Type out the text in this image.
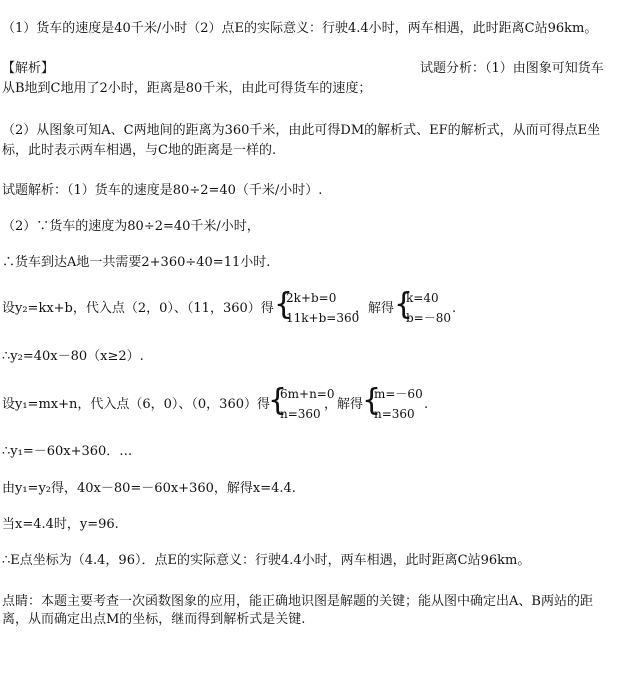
（1）货车的速度是40千米/小时（2）点E的实际意义：行驶4.4小时，两车相遇，此时距离C站96km。
【解析】	试题分析：（1）由图象可知货车
从B地到C地用了2小时，距离是80千米，由此可得货车的速度；
（2）从图象可知A、C两地间的距离为360千米，由此可得DM的解析式、EF的解析式，从而可得点E坐
标，此时表示两车相遇，与C地的距离是一样的.
试题解析：（1）货车的速度是80÷2=40（千米/小时）.
（2）∵货车的速度为80÷2=40千米/小时，
∴货车到达A地一共需要2+360÷40=11小时.
设y₂=kx+b，代入点（2，0）、（11，360）得 {
2k+b=0
11k+b=360
，解得 {
k=40
b=－80
.
∴y₂=40x－80（x≥2）.
设y₁=mx+n，代入点（6，0）、（0，360）得
{
6m+n=0
n=360
，解得
{
m=－60
n=360
.
∴y₁=－60x+360．…
由y₁=y₂得，40x－80=－60x+360，解得x=4.4.
当x=4.4时，y=96.
∴E点坐标为（4.4，96）．点E的实际意义：行驶4.4小时，两车相遇，此时距离C站96km。
点睛：本题主要考查一次函数图象的应用，能正确地识图是解题的关键；能从图中确定出A、B两站的距
离，从而确定出点M的坐标，继而得到解析式是关键.
